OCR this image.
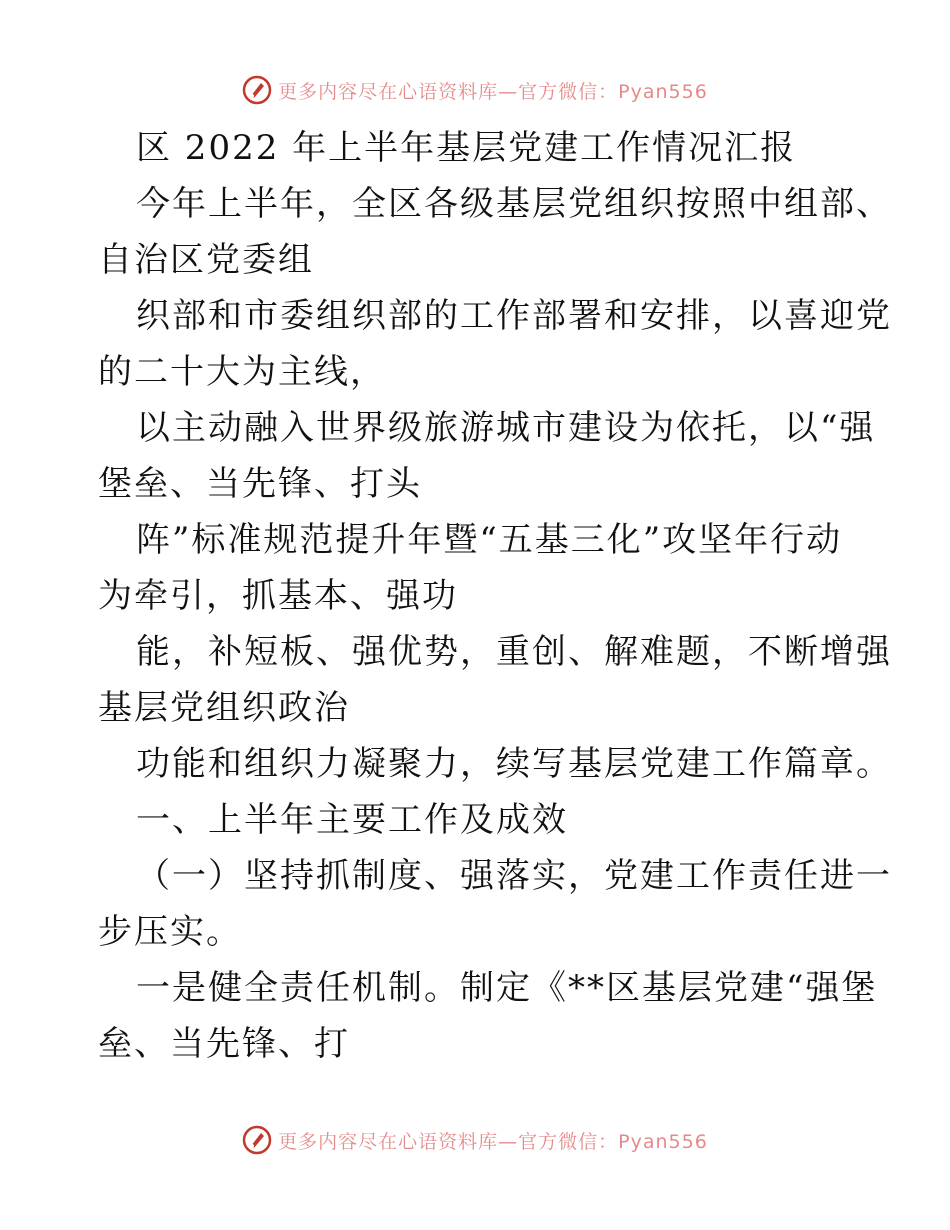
更多内容尽在心语资料库 —官方微信：Pyan556
区 2022 年上半年基层党建工作情况汇报
今年上半年，全区各级基层党组织按照中组部、
自治区党委组
织部和市委组织部的工作部署和安排，以喜迎党
的二十大为主线，
以主动融入世界级旅游城市建设为依托，以“强
堡垒、当先锋、打头
阵”标准规范提升年暨“五基三化”攻坚年行动
为牵引，抓基本、强功
能，补短板、强优势，重创、解难题，不断增强
基层党组织政治
功能和组织力凝聚力，续写基层党建工作篇章。
一、上半年主要工作及成效
（一）坚持抓制度、强落实，党建工作责任进一
步压实。
一是健全责任机制。制定《**区基层党建“强堡
垒、当先锋、打
更多内容尽在心语资料库 —官方微信：Pyan556
